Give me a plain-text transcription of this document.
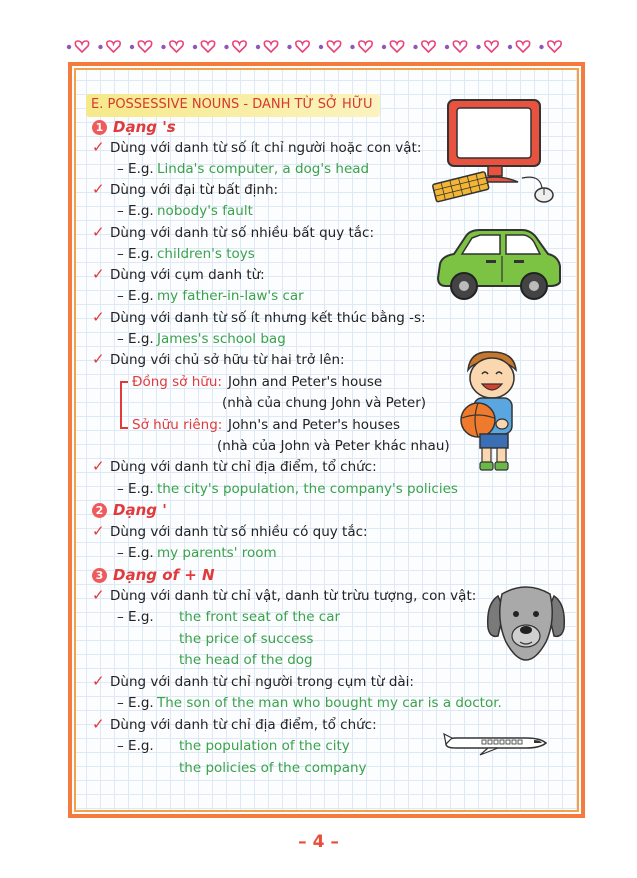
E. POSSESSIVE NOUNS - DANH TỪ SỞ HỮU
1 Dạng 's
✓ Dùng với danh từ số ít chỉ người hoặc con vật:
– E.g. Linda's computer, a dog's head
✓ Dùng với đại từ bất định:
– E.g. nobody's fault
✓ Dùng với danh từ số nhiều bất quy tắc:
– E.g. children's toys
✓ Dùng với cụm danh từ:
– E.g. my father-in-law's car
✓ Dùng với danh từ số ít nhưng kết thúc bằng -s:
– E.g. James's school bag
✓ Dùng với chủ sở hữu từ hai trở lên:
Đồng sở hữu: John and Peter's house
(nhà của chung John và Peter)
Sở hữu riêng: John's and Peter's houses
(nhà của John và Peter khác nhau)
✓ Dùng với danh từ chỉ địa điểm, tổ chức:
– E.g. the city's population, the company's policies
2 Dạng '
✓ Dùng với danh từ số nhiều có quy tắc:
– E.g. my parents' room
3 Dạng of + N
✓ Dùng với danh từ chỉ vật, danh từ trừu tượng, con vật:
– E.g. the front seat of the car
the price of success
the head of the dog
✓ Dùng với danh từ chỉ người trong cụm từ dài:
– E.g. The son of the man who bought my car is a doctor.
✓ Dùng với danh từ chỉ địa điểm, tổ chức:
– E.g. the population of the city
the policies of the company
– 4 –
